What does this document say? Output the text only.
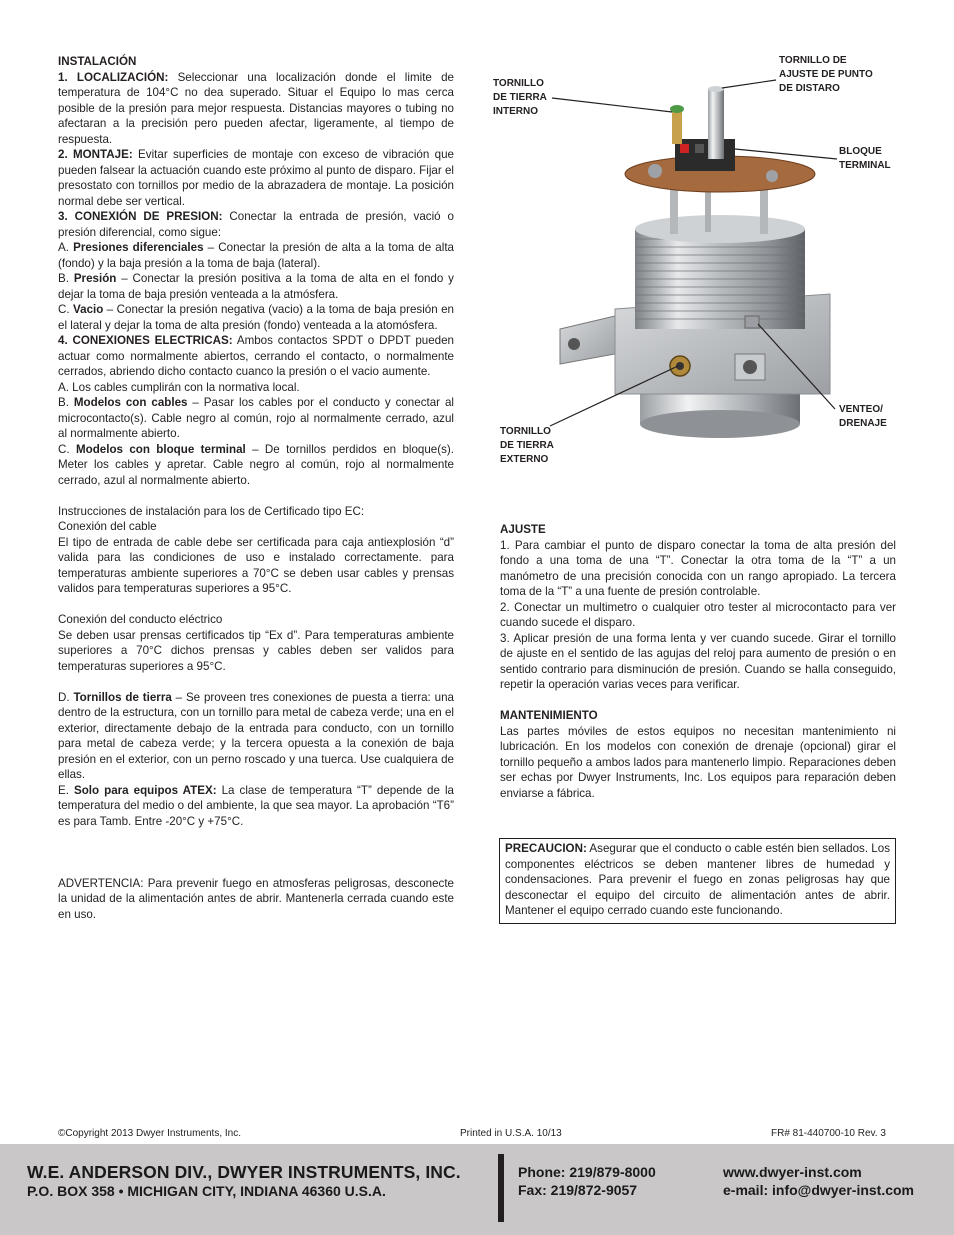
INSTALACIÓN

1. LOCALIZACIÓN: Seleccionar una localización donde el limite de temperatura de 104°C no dea superado. Situar el Equipo lo mas cerca posible de la presión para mejor respuesta. Distancias mayores o tubing no afectaran a la precisión pero pueden afectar, ligeramente, al tiempo de respuesta.

2. MONTAJE: Evitar superficies de montaje con exceso de vibración que pueden falsear la actuación cuando este próximo al punto de disparo. Fijar el presostato con tornillos por medio de la abrazadera de montaje. La posición normal debe ser vertical.

3. CONEXIÓN DE PRESION: Conectar la entrada de presión, vació o presión diferencial, como sigue:

A. Presiones diferenciales – Conectar la presión de alta a la toma de alta (fondo) y la baja presión a la toma de baja (lateral).

B. Presión – Conectar la presión positiva a la toma de alta en el fondo y dejar la toma de baja presión venteada a la atmósfera.

C. Vacio – Conectar la presión negativa (vacio) a la toma de baja presión en el lateral y dejar la toma de alta presión (fondo) venteada a la atomósfera.

4. CONEXIONES ELECTRICAS: Ambos contactos SPDT o DPDT pueden actuar como normalmente abiertos, cerrando el contacto, o normalmente cerrados, abriendo dicho contacto cuanco la presión o el vacio aumente.

A. Los cables cumplirán con la normativa local.

B. Modelos con cables – Pasar los cables por el conducto y conectar al microcontacto(s). Cable negro al común, rojo al normalmente cerrado, azul al normalmente abierto.

C. Modelos con bloque terminal – De tornillos perdidos en bloque(s). Meter los cables y apretar. Cable negro al común, rojo al normalmente cerrado, azul al normalmente abierto.

Instrucciones de instalación para los de Certificado tipo EC:

Conexión del cable

El tipo de entrada de cable debe ser certificada para caja antiexplosión “d” valida para las condiciones de uso e instalado correctamente. para temperaturas ambiente superiores a 70°C se deben usar cables y prensas validos para temperaturas superiores a 95°C.

Conexión del conducto eléctrico

Se deben usar prensas certificados tip “Ex d”. Para temperaturas ambiente superiores a 70°C dichos prensas y cables deben ser validos para temperaturas superiores a 95°C.

D. Tornillos de tierra – Se proveen tres conexiones de puesta a tierra: una dentro de la estructura, con un tornillo para metal de cabeza verde; una en el exterior, directamente debajo de la entrada para conducto, con un tornillo para metal de cabeza verde; y la tercera opuesta a la conexión de baja presión en el exterior, con un perno roscado y una tuerca. Use cualquiera de ellas.

E. Solo para equipos ATEX: La clase de temperatura “T” depende de la temperatura del medio o del ambiente, la que sea mayor. La aprobación “T6” es para Tamb. Entre -20°C y +75°C.

ADVERTENCIA: Para prevenir fuego en atmosferas peligrosas, desconecte la unidad de la alimentación antes de abrir. Mantenerla cerrada cuando este en uso.

TORNILLO
DE TIERRA
INTERNO
TORNILLO DE
AJUSTE DE PUNTO
DE DISTARO
BLOQUE
TERMINAL
VENTEO/
DRENAJE
TORNILLO
DE TIERRA
EXTERNO

AJUSTE

1. Para cambiar el punto de disparo conectar la toma de alta presión del fondo a una toma de una “T”. Conectar la otra toma de la “T” a un manómetro de una precisión conocida con un rango apropiado. La tercera toma de la “T” a una fuente de presión controlable.

2. Conectar un multimetro o cualquier otro tester al microcontacto para ver cuando sucede el disparo.

3. Aplicar presión de una forma lenta y ver cuando sucede. Girar el tornillo de ajuste en el sentido de las agujas del reloj para aumento de presión o en sentido contrario para disminución de presión. Cuando se halla conseguido, repetir la operación varias veces para verificar.

MANTENIMIENTO

Las partes móviles de estos equipos no necesitan mantenimiento ni lubricación. En los modelos con conexión de drenaje (opcional) girar el tornillo pequeño a ambos lados para mantenerlo limpio. Reparaciones deben ser echas por Dwyer Instruments, Inc. Los equipos para reparación deben enviarse a fábrica.

PRECAUCION: Asegurar que el conducto o cable estén bien sellados. Los componentes eléctricos se deben mantener libres de humedad y condensaciones. Para prevenir el fuego en zonas peligrosas hay que desconectar el equipo del circuito de alimentación antes de abrir. Mantener el equipo cerrado cuando este funcionando.
©Copyright 2013 Dwyer Instruments, Inc.	Printed in U.S.A. 10/13	FR# 81-440700-10 Rev. 3
W.E. ANDERSON DIV., DWYER INSTRUMENTS, INC.
P.O. BOX 358 • MICHIGAN CITY, INDIANA 46360 U.S.A.
Phone: 219/879-8000
Fax: 219/872-9057
www.dwyer-inst.com
e-mail: info@dwyer-inst.com
